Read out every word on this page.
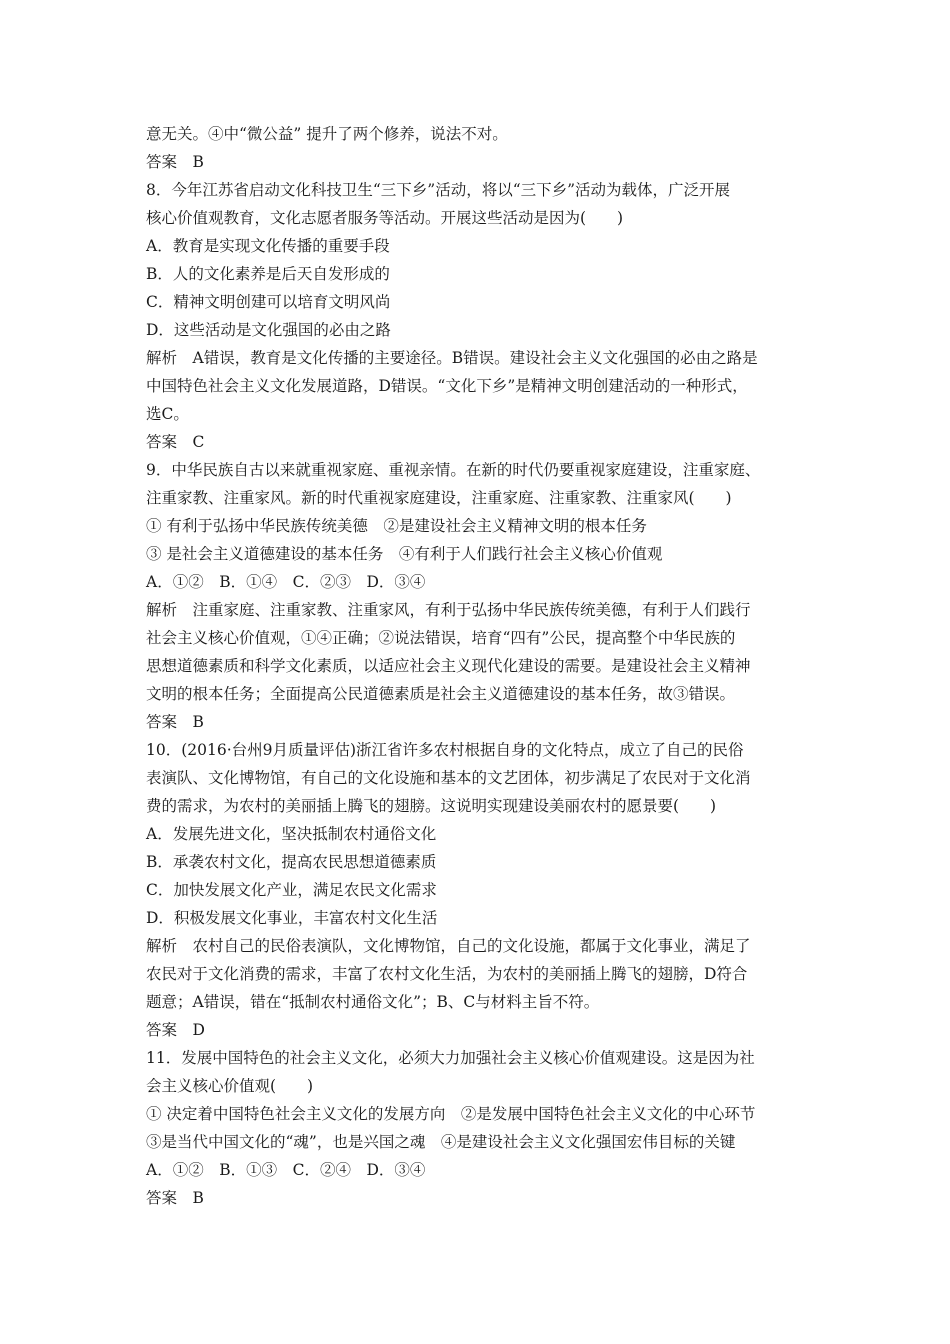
意无关。④中“微公益” 提升了两个修养，说法不对。
答案　B
8．今年江苏省启动文化科技卫生“三下乡”活动，将以“三下乡”活动为载体，广泛开展
核心价值观教育，文化志愿者服务等活动。开展这些活动是因为(　　)
A．教育是实现文化传播的重要手段
B．人的文化素养是后天自发形成的
C．精神文明创建可以培育文明风尚
D．这些活动是文化强国的必由之路
解析　A错误，教育是文化传播的主要途径。B错误。建设社会主义文化强国的必由之路是
中国特色社会主义文化发展道路，D错误。“文化下乡”是精神文明创建活动的一种形式，
选C。
答案　C
9．中华民族自古以来就重视家庭、重视亲情。在新的时代仍要重视家庭建设，注重家庭、
注重家教、注重家风。新的时代重视家庭建设，注重家庭、注重家教、注重家风(　　)
① 有利于弘扬中华民族传统美德　②是建设社会主义精神文明的根本任务
③ 是社会主义道德建设的基本任务　④有利于人们践行社会主义核心价值观
A．①②　B．①④　C．②③　D．③④
解析　注重家庭、注重家教、注重家风，有利于弘扬中华民族传统美德，有利于人们践行
社会主义核心价值观，①④正确；②说法错误，培育“四有”公民，提高整个中华民族的
思想道德素质和科学文化素质，以适应社会主义现代化建设的需要。是建设社会主义精神
文明的根本任务；全面提高公民道德素质是社会主义道德建设的基本任务，故③错误。
答案　B
10．(2016·台州9月质量评估)浙江省许多农村根据自身的文化特点，成立了自己的民俗
表演队、文化博物馆，有自己的文化设施和基本的文艺团体，初步满足了农民对于文化消
费的需求，为农村的美丽插上腾飞的翅膀。这说明实现建设美丽农村的愿景要(　　)
A．发展先进文化，坚决抵制农村通俗文化
B．承袭农村文化，提高农民思想道德素质
C．加快发展文化产业，满足农民文化需求
D．积极发展文化事业，丰富农村文化生活
解析　农村自己的民俗表演队，文化博物馆，自己的文化设施，都属于文化事业，满足了
农民对于文化消费的需求，丰富了农村文化生活，为农村的美丽插上腾飞的翅膀，D符合
题意；A错误，错在“抵制农村通俗文化”；B、C与材料主旨不符。
答案　D
11．发展中国特色的社会主义文化，必须大力加强社会主义核心价值观建设。这是因为社
会主义核心价值观(　　)
① 决定着中国特色社会主义文化的发展方向　②是发展中国特色社会主义文化的中心环节
③是当代中国文化的“魂”，也是兴国之魂　④是建设社会主义文化强国宏伟目标的关键
A．①②　B．①③　C．②④　D．③④
答案　B
